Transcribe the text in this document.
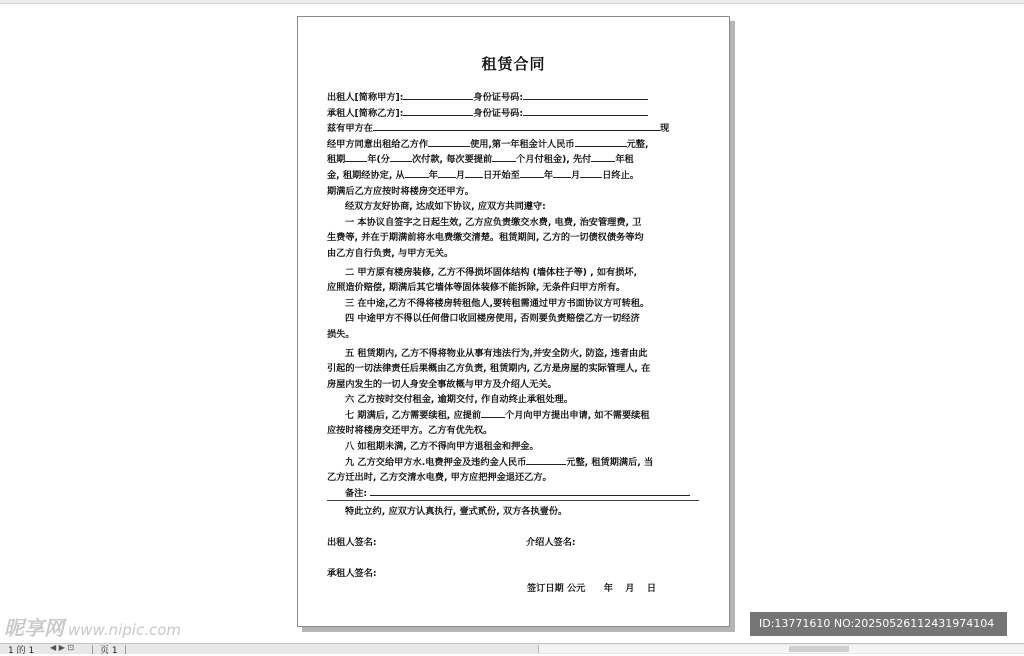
租赁合同

出租人[简称甲方]:	身份证号码:

承租人[简称乙方]:	身份证号码:

兹有甲方在	现

经甲方同意出租给乙方作	使用,第一年租金计人民币	元整,

租期 年(分 次付款, 每次要提前	个月付租金), 先付	年租

金, 租期经协定, 从	年 月 日开始至	年 月 日终止。

期满后乙方应按时将楼房交还甲方。

经双方友好协商, 达成如下协议, 应双方共同遵守:

一 本协议自签字之日起生效, 乙方应负责缴交水费, 电费, 治安管理费, 卫

生费等, 并在于期满前将水电费缴交清楚。租赁期间, 乙方的一切债权债务等均

由乙方自行负责, 与甲方无关。

二 甲方原有楼房装修, 乙方不得损坏固体结构 (墙体柱子等) , 如有损坏,

应照造价赔偿, 期满后其它墙体等固体装修不能拆除, 无条件归甲方所有。

三 在中途,乙方不得将楼房转租他人,要转租需通过甲方书面协议方可转租。

四 中途甲方不得以任何借口收回楼房使用, 否则要负责赔偿乙方一切经济

损失。

五 租赁期内, 乙方不得将物业从事有违法行为,并安全防火, 防盗, 违者由此

引起的一切法律责任后果概由乙方负责, 租赁期内, 乙方是房屋的实际管理人, 在

房屋内发生的一切人身安全事故概与甲方及介绍人无关。

六 乙方按时交付租金, 逾期交付, 作自动终止承租处理。

七 期满后, 乙方需要续租, 应提前	个月向甲方提出申请, 如不需要续租

应按时将楼房交还甲方。乙方有优先权。

八 如租期未满, 乙方不得向甲方退租金和押金。

九 乙方交给甲方水.电费押金及违约金人民币	元整, 租赁期满后, 当

乙方迁出时, 乙方交清水电费, 甲方应把押金退还乙方。

备注:

特此立约, 应双方认真执行, 壹式贰份, 双方各执壹份。
出租人签名:	介绍人签名:
承租人签名:
签订日期 公元　　年　 月　 日
昵享网 www.nipic.com	ID:13771610 NO:20250526112431974104
1 的 1 ◀ ▶ ⊡	页 1
